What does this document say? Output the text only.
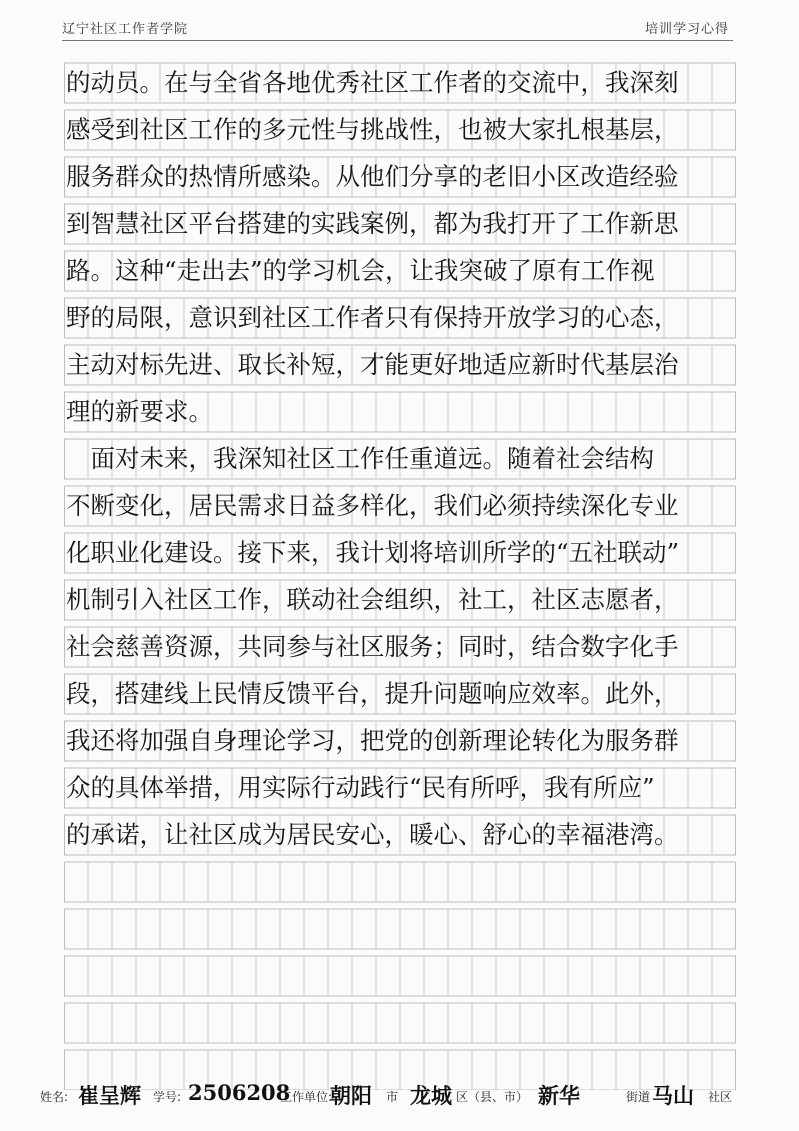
辽宁社区工作者学院	培训学习心得
的动员。在与全省各地优秀社区工作者的交流中，我深刻
感受到社区工作的多元性与挑战性，也被大家扎根基层，
服务群众的热情所感染。从他们分享的老旧小区改造经验
到智慧社区平台搭建的实践案例，都为我打开了工作新思
路。这种“走出去”的学习机会，让我突破了原有工作视
野的局限，意识到社区工作者只有保持开放学习的心态，
主动对标先进、取长补短，才能更好地适应新时代基层治
理的新要求。
　面对未来，我深知社区工作任重道远。随着社会结构
不断变化，居民需求日益多样化，我们必须持续深化专业
化职业化建设。接下来，我计划将培训所学的“五社联动”
机制引入社区工作，联动社会组织，社工，社区志愿者，
社会慈善资源，共同参与社区服务；同时，结合数字化手
段，搭建线上民情反馈平台，提升问题响应效率。此外，
我还将加强自身理论学习，把党的创新理论转化为服务群
众的具体举措，用实际行动践行“民有所呼，我有所应”
的承诺，让社区成为居民安心，暖心、舒心的幸福港湾。
姓名: 崔呈辉 学号: 2506208
工作单位:
朝阳 市 龙城 区（县、市） 新华	街道 马山 社区
